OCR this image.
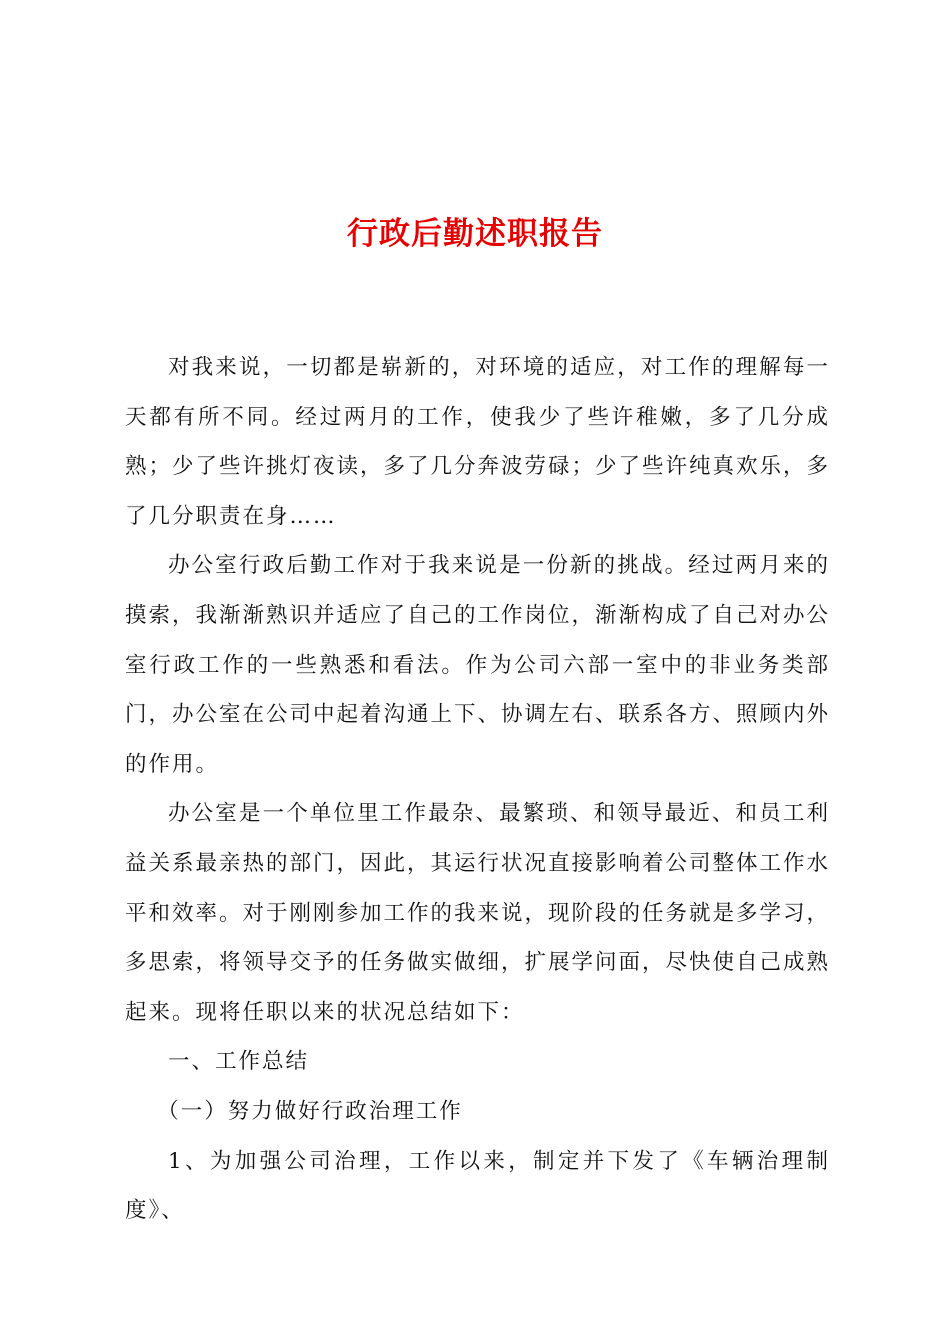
行政后勤述职报告

对我来说，一切都是崭新的，对环境的适应，对工作的理解每一天都有所不同。经过两月的工作，使我少了些许稚嫩，多了几分成熟；少了些许挑灯夜读，多了几分奔波劳碌；少了些许纯真欢乐，多了几分职责在身……

办公室行政后勤工作对于我来说是一份新的挑战。经过两月来的摸索，我渐渐熟识并适应了自己的工作岗位，渐渐构成了自己对办公室行政工作的一些熟悉和看法。作为公司六部一室中的非业务类部门，办公室在公司中起着沟通上下、协调左右、联系各方、照顾内外的作用。

办公室是一个单位里工作最杂、最繁琐、和领导最近、和员工利益关系最亲热的部门，因此，其运行状况直接影响着公司整体工作水平和效率。对于刚刚参加工作的我来说，现阶段的任务就是多学习，多思索，将领导交予的任务做实做细，扩展学问面，尽快使自己成熟起来。现将任职以来的状况总结如下：

一、工作总结

（一）努力做好行政治理工作

1、为加强公司治理，工作以来，制定并下发了《车辆治理制度》、
